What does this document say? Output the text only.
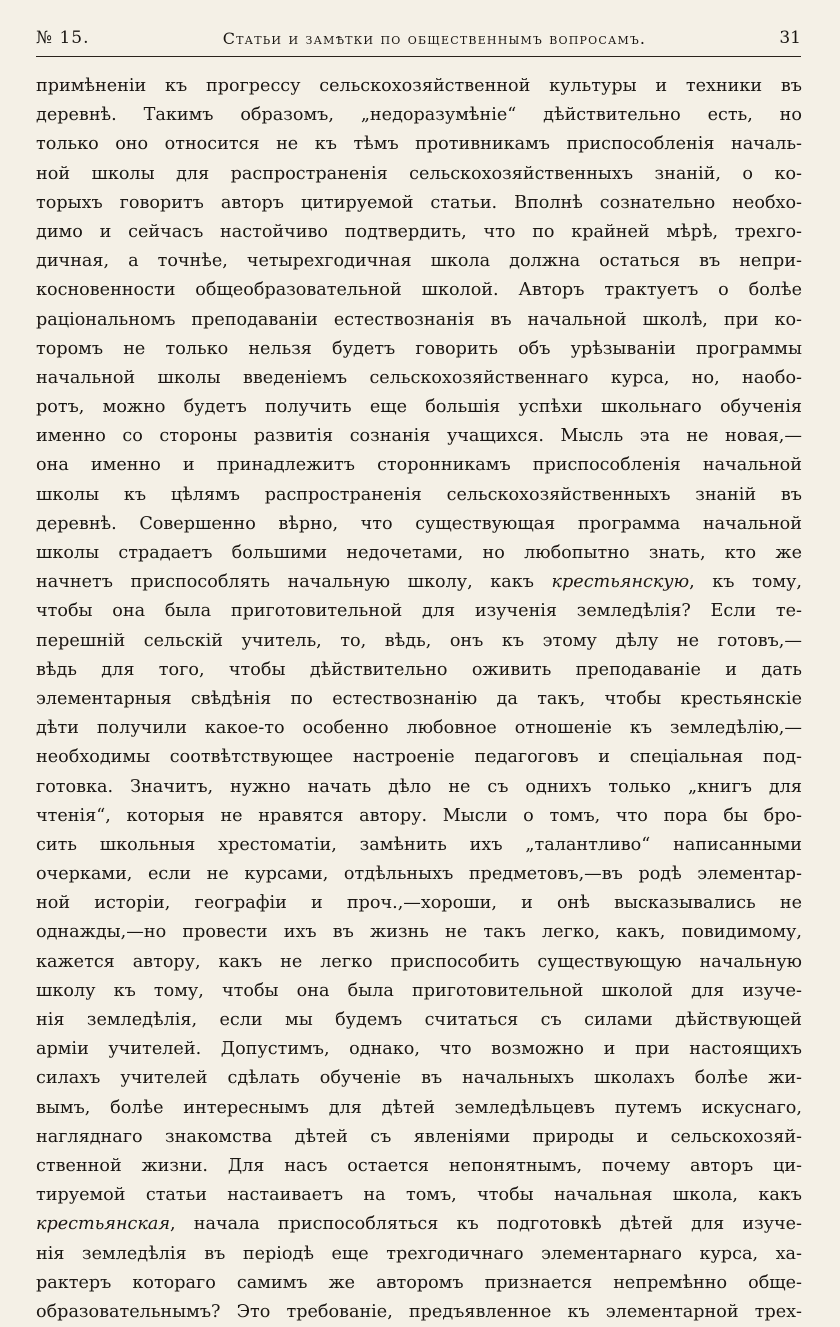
№ 15.	Статьи и замѣтки по общественнымъ вопросамъ.	31
примѣненіи къ прогрессу сельскохозяйственной культуры и техники въ
деревнѣ. Такимъ образомъ, „недоразумѣніе“ дѣйствительно есть, но
только оно относится не къ тѣмъ противникамъ приспособленія началь-
ной школы для распространенія сельскохозяйственныхъ знаній, о ко-
торыхъ говоритъ авторъ цитируемой статьи. Вполнѣ сознательно необхо-
димо и сейчасъ настойчиво подтвердить, что по крайней мѣрѣ, трехго-
дичная, а точнѣе, четырехгодичная школа должна остаться въ непри-
косновенности общеобразовательной школой. Авторъ трактуетъ о болѣе
раціональномъ преподаваніи естествознанія въ начальной школѣ, при ко-
торомъ не только нельзя будетъ говорить объ урѣзываніи программы
начальной школы введеніемъ сельскохозяйственнаго курса, но, наобо-
ротъ, можно будетъ получить еще большія успѣхи школьнаго обученія
именно со стороны развитія сознанія учащихся. Мысль эта не новая,—
она именно и принадлежитъ сторонникамъ приспособленія начальной
школы къ цѣлямъ распространенія сельскохозяйственныхъ знаній въ
деревнѣ. Совершенно вѣрно, что существующая программа начальной
школы страдаетъ большими недочетами, но любопытно знать, кто же
начнетъ приспособлять начальную школу, какъ крестьянскую, къ тому,
чтобы она была приготовительной для изученія земледѣлія? Если те-
перешній сельскій учитель, то, вѣдь, онъ къ этому дѣлу не готовъ,—
вѣдь для того, чтобы дѣйствительно оживить преподаваніе и дать
элементарныя свѣдѣнія по естествознанію да такъ, чтобы крестьянскіе
дѣти получили какое-то особенно любовное отношеніе къ земледѣлію,—
необходимы соотвѣтствующее настроеніе педагоговъ и спеціальная под-
готовка. Значитъ, нужно начать дѣло не съ однихъ только „книгъ для
чтенія“, которыя не нравятся автору. Мысли о томъ, что пора бы бро-
сить школьныя хрестоматіи, замѣнить ихъ „талантливо“ написанными
очерками, если не курсами, отдѣльныхъ предметовъ,—въ родѣ элементар-
ной исторіи, географіи и проч.,—хороши, и онѣ высказывались не
однажды,—но провести ихъ въ жизнь не такъ легко, какъ, повидимому,
кажется автору, какъ не легко приспособить существующую начальную
школу къ тому, чтобы она была приготовительной школой для изуче-
нія земледѣлія, если мы будемъ считаться съ силами дѣйствующей
арміи учителей. Допустимъ, однако, что возможно и при настоящихъ
силахъ учителей сдѣлать обученіе въ начальныхъ школахъ болѣе жи-
вымъ, болѣе интереснымъ для дѣтей земледѣльцевъ путемъ искуснаго,
нагляднаго знакомства дѣтей съ явленіями природы и сельскохозяй-
ственной жизни. Для насъ остается непонятнымъ, почему авторъ ци-
тируемой статьи настаиваетъ на томъ, чтобы начальная школа, какъ
крестьянская, начала приспособляться къ подготовкѣ дѣтей для изуче-
нія земледѣлія въ періодѣ еще трехгодичнаго элементарнаго курса, ха-
рактеръ котораго самимъ же авторомъ признается непремѣнно обще-
образовательнымъ? Это требованіе, предъявленное къ элементарной трех-
